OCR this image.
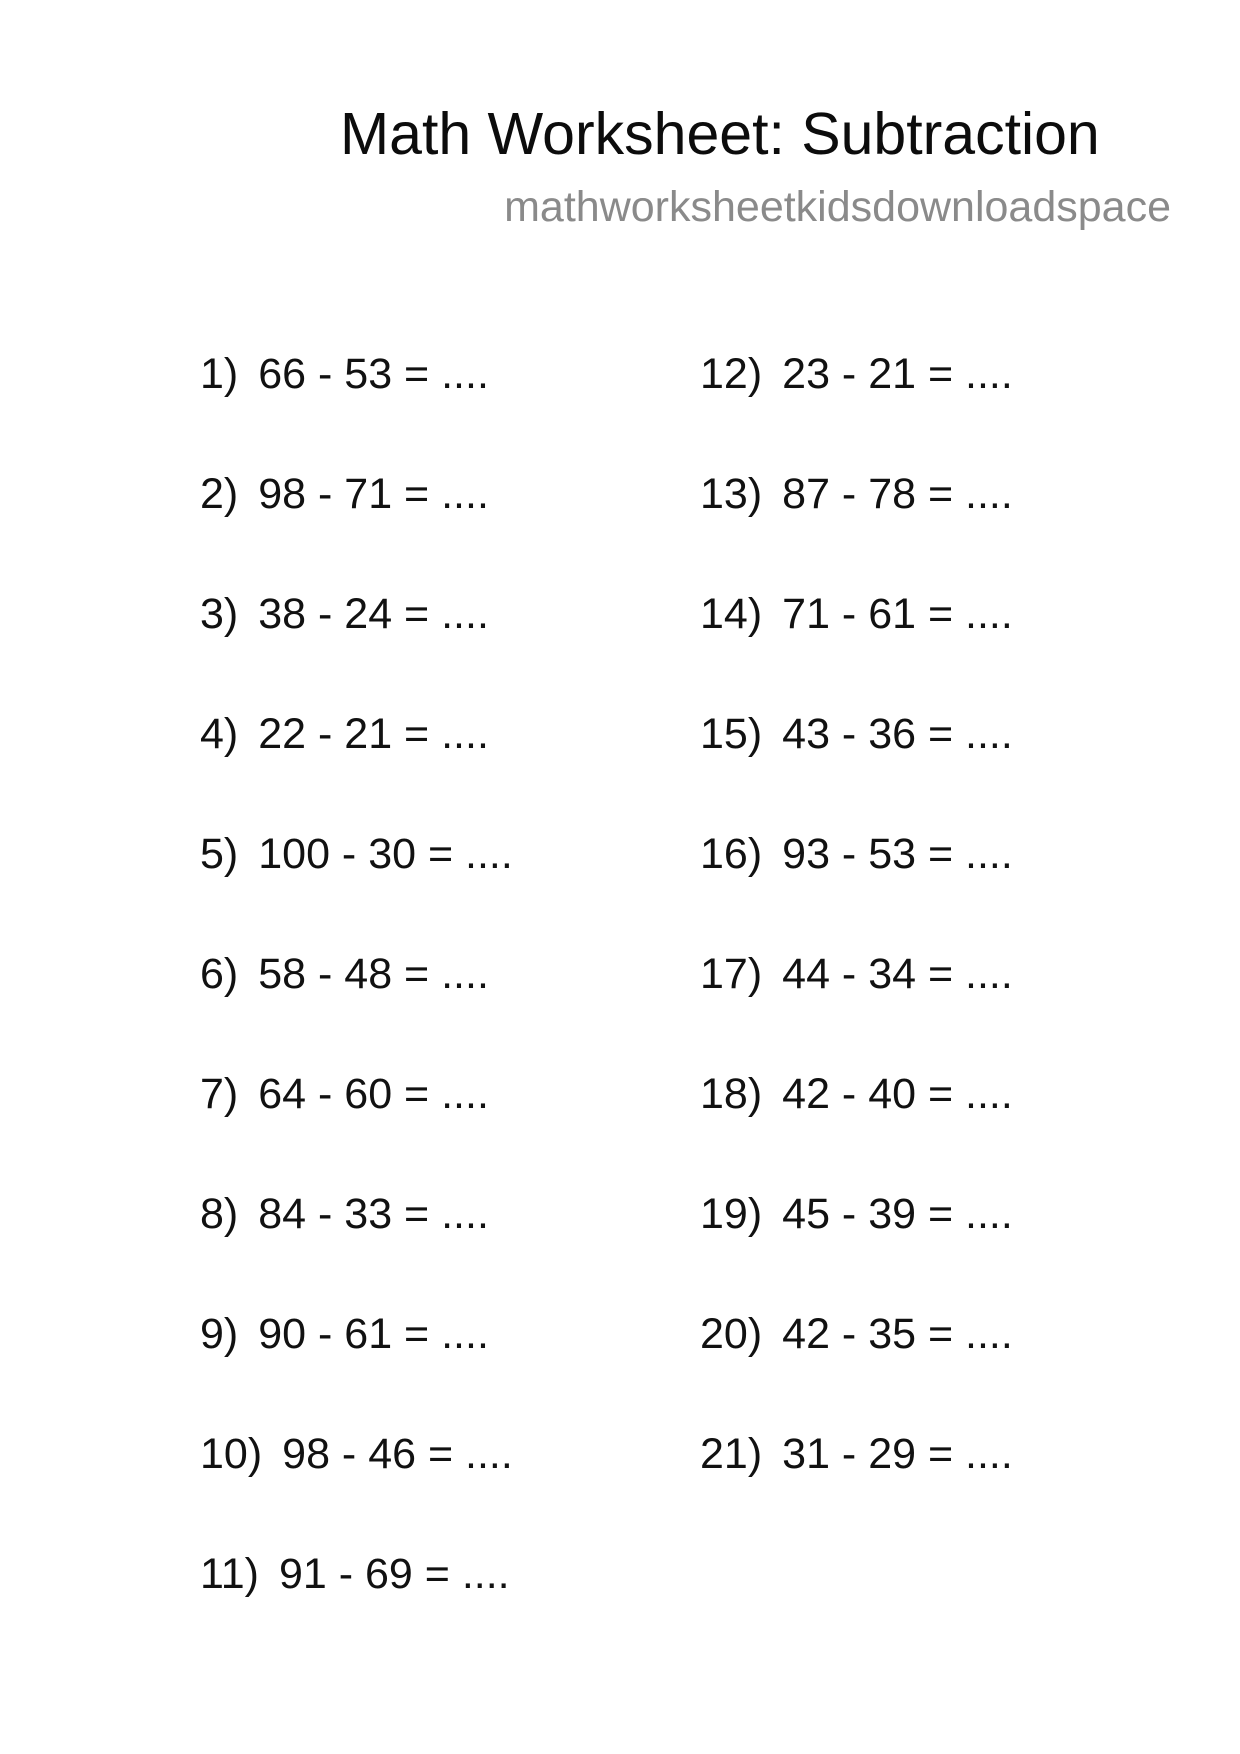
Math Worksheet: Subtraction
mathworksheetkidsdownloadspace
1) 66 - 53 = ....
2) 98 - 71 = ....
3) 38 - 24 = ....
4) 22 - 21 = ....
5) 100 - 30 = ....
6) 58 - 48 = ....
7) 64 - 60 = ....
8) 84 - 33 = ....
9) 90 - 61 = ....
10) 98 - 46 = ....
11) 91 - 69 = ....
12) 23 - 21 = ....
13) 87 - 78 = ....
14) 71 - 61 = ....
15) 43 - 36 = ....
16) 93 - 53 = ....
17) 44 - 34 = ....
18) 42 - 40 = ....
19) 45 - 39 = ....
20) 42 - 35 = ....
21) 31 - 29 = ....
